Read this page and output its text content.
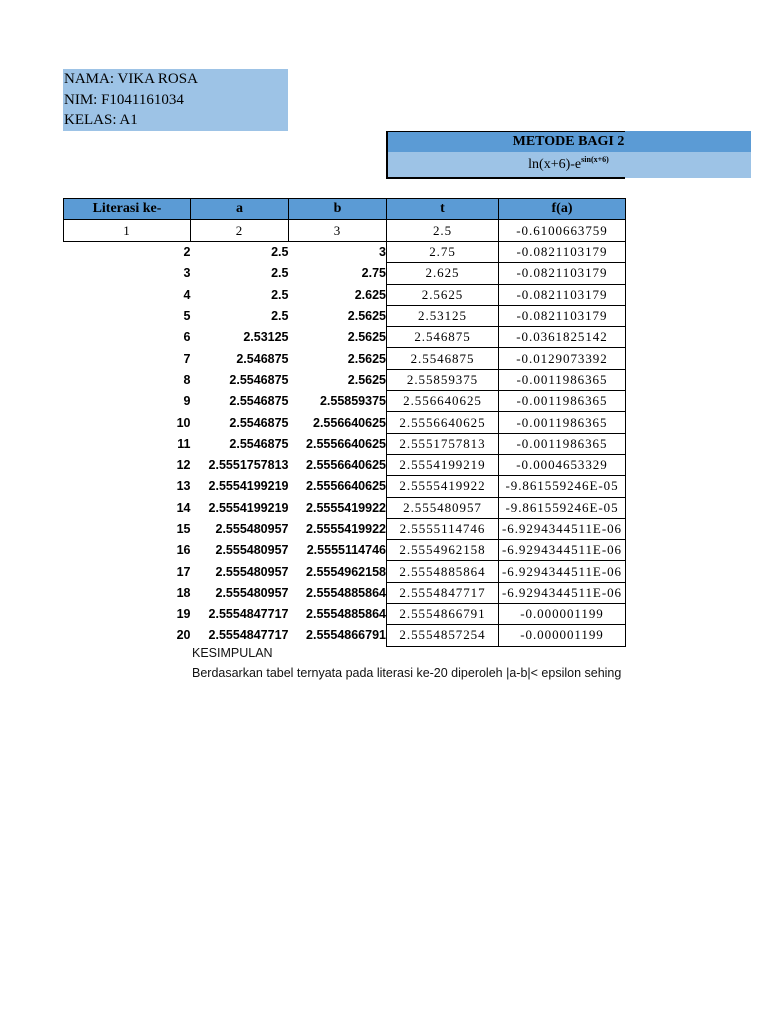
NAMA: VIKA ROSA
NIM: F1041161034
KELAS: A1
METODE BAGI 2
$\ln(x+6)-e^{sin(x+6)}$
Literasi ke-	a	b	t	f(a)
1	2	3	2.5	-0.6100663759
2	2.5	3	2.75	-0.0821103179
3	2.5	2.75	2.625	-0.0821103179
4	2.5	2.625	2.5625	-0.0821103179
5	2.5	2.5625	2.53125	-0.0821103179
6	2.53125	2.5625	2.546875	-0.0361825142
7	2.546875	2.5625	2.5546875	-0.0129073392
8	2.5546875	2.5625	2.55859375	-0.0011986365
9	2.5546875	2.55859375	2.556640625	-0.0011986365
10	2.5546875	2.556640625	2.5556640625	-0.0011986365
11	2.5546875	2.5556640625	2.5551757813	-0.0011986365
12	2.5551757813	2.5556640625	2.5554199219	-0.0004653329
13	2.5554199219	2.5556640625	2.5555419922	-9.861559246E-05
14	2.5554199219	2.5555419922	2.555480957	-9.861559246E-05
15	2.555480957	2.5555419922	2.5555114746	-6.9294344511E-06
16	2.555480957	2.5555114746	2.5554962158	-6.9294344511E-06
17	2.555480957	2.5554962158	2.5554885864	-6.9294344511E-06
18	2.555480957	2.5554885864	2.5554847717	-6.9294344511E-06
19	2.5554847717	2.5554885864	2.5554866791	-0.000001199
20	2.5554847717	2.5554866791	2.5554857254	-0.000001199
KESIMPULAN
Berdasarkan tabel ternyata pada literasi ke-20 diperoleh |a-b|< epsilon sehing
